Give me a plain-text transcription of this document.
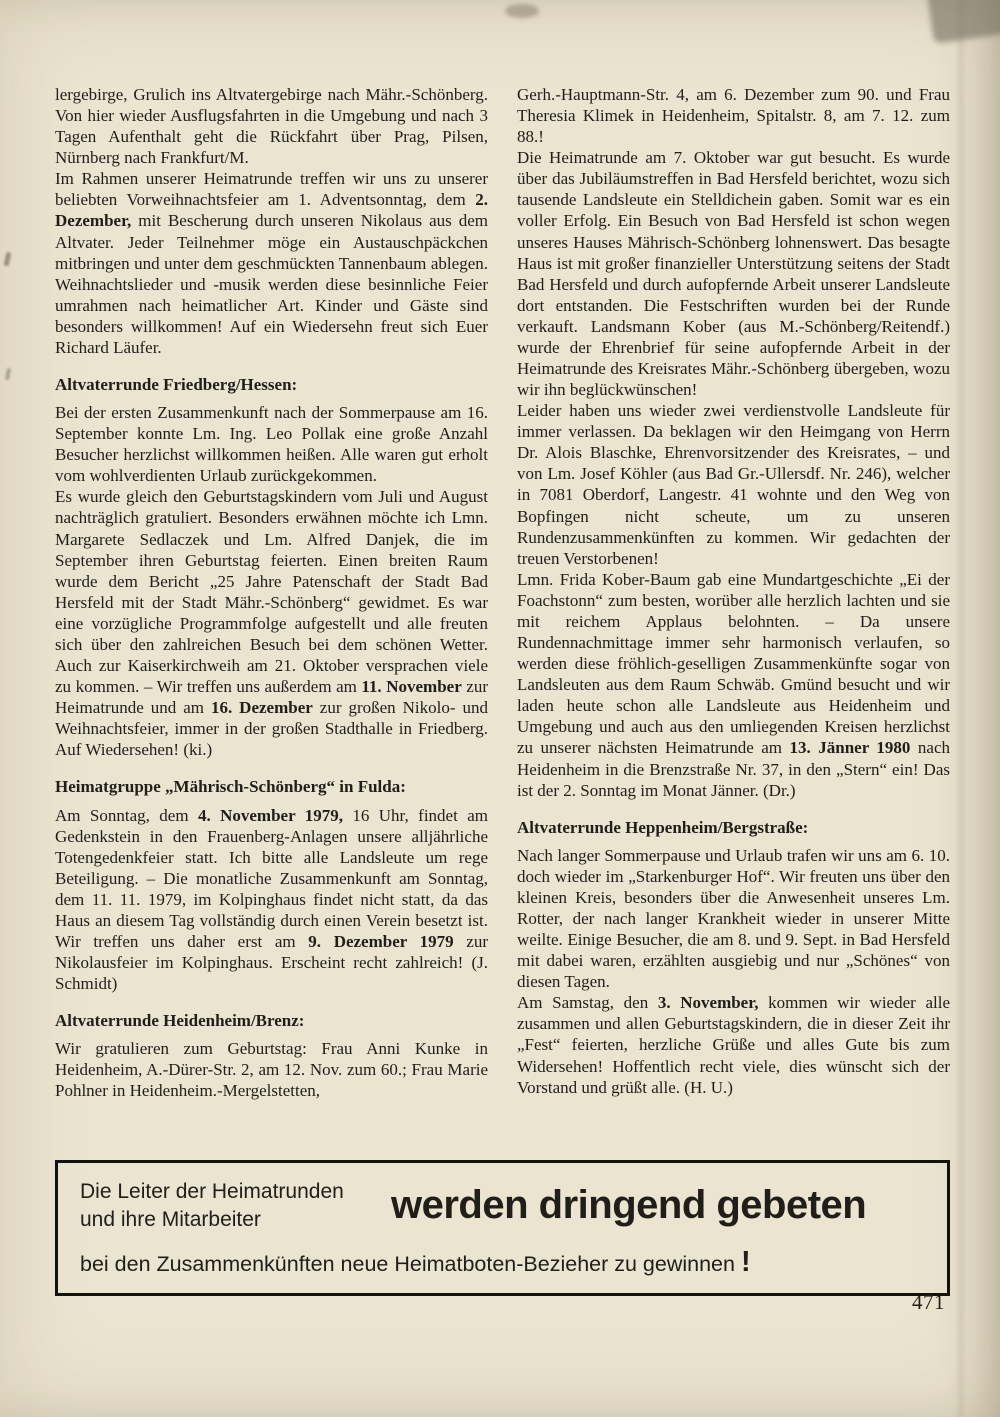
lergebirge, Grulich ins Altvatergebirge nach Mähr.-Schönberg. Von hier wieder Ausflugsfahrten in die Umgebung und nach 3 Tagen Aufenthalt geht die Rückfahrt über Prag, Pilsen, Nürnberg nach Frankfurt/M.

Im Rahmen unserer Heimatrunde treffen wir uns zu unserer beliebten Vorweihnachtsfeier am 1. Adventsonntag, dem 2. Dezember, mit Bescherung durch unseren Nikolaus aus dem Altvater. Jeder Teilnehmer möge ein Austauschpäckchen mitbringen und unter dem geschmückten Tannenbaum ablegen. Weihnachtslieder und -musik werden diese besinnliche Feier umrahmen nach heimatlicher Art. Kinder und Gäste sind besonders willkommen! Auf ein Wiedersehn freut sich Euer Richard Läufer.

Altvaterrunde Friedberg/Hessen:

Bei der ersten Zusammenkunft nach der Sommerpause am 16. September konnte Lm. Ing. Leo Pollak eine große Anzahl Besucher herzlichst willkommen heißen. Alle waren gut erholt vom wohlverdienten Urlaub zurückgekommen.

Es wurde gleich den Geburtstagskindern vom Juli und August nachträglich gratuliert. Besonders erwähnen möchte ich Lmn. Margarete Sedlaczek und Lm. Alfred Danjek, die im September ihren Geburtstag feierten. Einen breiten Raum wurde dem Bericht „25 Jahre Patenschaft der Stadt Bad Hersfeld mit der Stadt Mähr.-Schönberg“ gewidmet. Es war eine vorzügliche Programmfolge aufgestellt und alle freuten sich über den zahlreichen Besuch bei dem schönen Wetter. Auch zur Kaiserkirchweih am 21. Oktober versprachen viele zu kommen. – Wir treffen uns außerdem am 11. November zur Heimatrunde und am 16. Dezember zur großen Nikolo- und Weihnachtsfeier, immer in der großen Stadthalle in Friedberg. Auf Wiedersehen! (ki.)

Heimatgruppe „Mährisch-Schönberg“ in Fulda:

Am Sonntag, dem 4. November 1979, 16 Uhr, findet am Gedenkstein in den Frauenberg-Anlagen unsere alljährliche Totengedenkfeier statt. Ich bitte alle Landsleute um rege Beteiligung. – Die monatliche Zusammenkunft am Sonntag, dem 11. 11. 1979, im Kolpinghaus findet nicht statt, da das Haus an diesem Tag vollständig durch einen Verein besetzt ist. Wir treffen uns daher erst am 9. Dezember 1979 zur Nikolausfeier im Kolpinghaus. Erscheint recht zahlreich! (J. Schmidt)

Altvaterrunde Heidenheim/Brenz:

Wir gratulieren zum Geburtstag: Frau Anni Kunke in Heidenheim, A.-Dürer-Str. 2, am 12. Nov. zum 60.; Frau Marie Pohlner in Heidenheim.-Mergelstetten,

Gerh.-Hauptmann-Str. 4, am 6. Dezember zum 90. und Frau Theresia Klimek in Heidenheim, Spitalstr. 8, am 7. 12. zum 88.!

Die Heimatrunde am 7. Oktober war gut besucht. Es wurde über das Jubiläumstreffen in Bad Hersfeld berichtet, wozu sich tausende Landsleute ein Stelldichein gaben. Somit war es ein voller Erfolg. Ein Besuch von Bad Hersfeld ist schon wegen unseres Hauses Mährisch-Schönberg lohnenswert. Das besagte Haus ist mit großer finanzieller Unterstützung seitens der Stadt Bad Hersfeld und durch aufopfernde Arbeit unserer Landsleute dort entstanden. Die Festschriften wurden bei der Runde verkauft. Landsmann Kober (aus M.-Schönberg/Reitendf.) wurde der Ehrenbrief für seine aufopfernde Arbeit in der Heimatrunde des Kreisrates Mähr.-Schönberg übergeben, wozu wir ihn beglückwünschen!

Leider haben uns wieder zwei verdienstvolle Landsleute für immer verlassen. Da beklagen wir den Heimgang von Herrn Dr. Alois Blaschke, Ehrenvorsitzender des Kreisrates, – und von Lm. Josef Köhler (aus Bad Gr.-Ullersdf. Nr. 246), welcher in 7081 Oberdorf, Langestr. 41 wohnte und den Weg von Bopfingen nicht scheute, um zu unseren Rundenzusammenkünften zu kommen. Wir gedachten der treuen Verstorbenen!

Lmn. Frida Kober-Baum gab eine Mundartgeschichte „Ei der Foachstonn“ zum besten, worüber alle herzlich lachten und sie mit reichem Applaus belohnten. – Da unsere Rundennachmittage immer sehr harmonisch verlaufen, so werden diese fröhlich-geselligen Zusammenkünfte sogar von Landsleuten aus dem Raum Schwäb. Gmünd besucht und wir laden heute schon alle Landsleute aus Heidenheim und Umgebung und auch aus den umliegenden Kreisen herzlichst zu unserer nächsten Heimatrunde am 13. Jänner 1980 nach Heidenheim in die Brenzstraße Nr. 37, in den „Stern“ ein! Das ist der 2. Sonntag im Monat Jänner. (Dr.)

Altvaterrunde Heppenheim/Bergstraße:

Nach langer Sommerpause und Urlaub trafen wir uns am 6. 10. doch wieder im „Starkenburger Hof“. Wir freuten uns über den kleinen Kreis, besonders über die Anwesenheit unseres Lm. Rotter, der nach langer Krankheit wieder in unserer Mitte weilte. Einige Besucher, die am 8. und 9. Sept. in Bad Hersfeld mit dabei waren, erzählten ausgiebig und nur „Schönes“ von diesen Tagen.

Am Samstag, den 3. November, kommen wir wieder alle zusammen und allen Geburtstagskindern, die in dieser Zeit ihr „Fest“ feierten, herzliche Grüße und alles Gute bis zum Widersehen! Hoffentlich recht viele, dies wünscht sich der Vorstand und grüßt alle. (H. U.)

Die Leiter der Heimatrunden
und ihre Mitarbeiter	werden dringend gebeten
bei den Zusammenkünften neue Heimatboten-Bezieher zu gewinnen !
471
